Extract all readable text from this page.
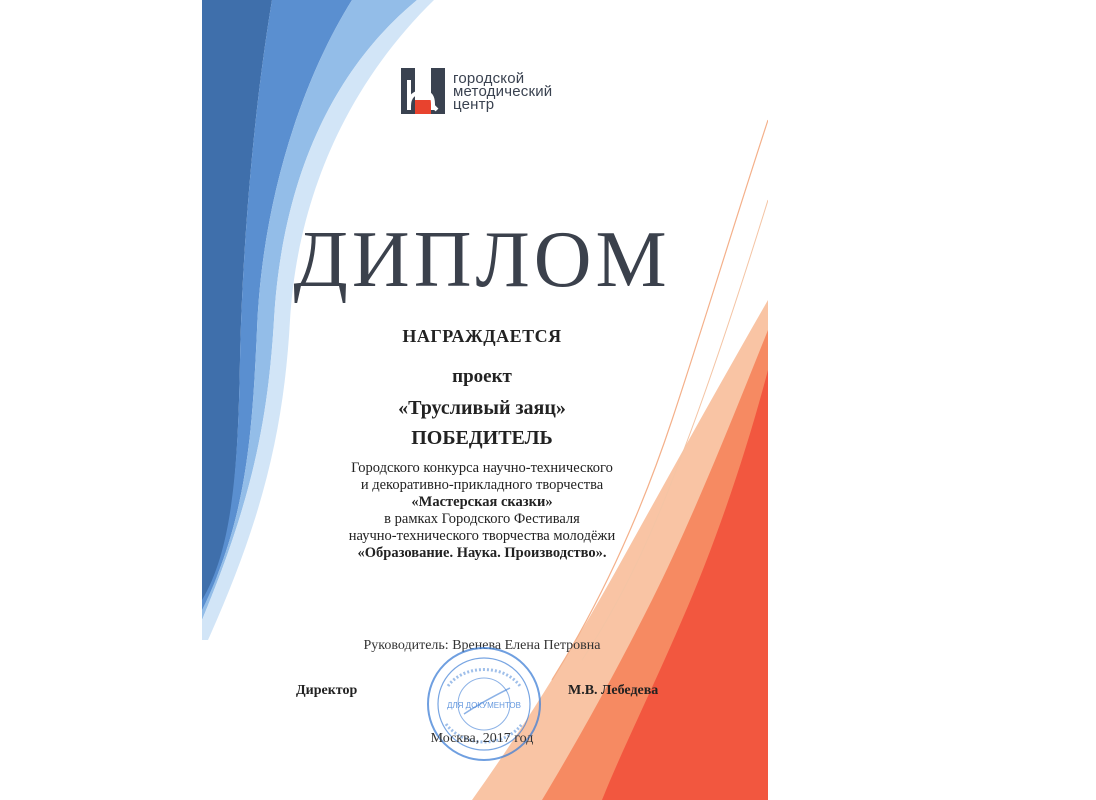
городской
методический
центр
ДИПЛОМ
НАГРАЖДАЕТСЯ
проект
«Трусливый заяц»
ПОБЕДИТЕЛЬ
Городского конкурса научно-технического
и декоративно-прикладного творчества
«Мастерская сказки»
в рамках Городского Фестиваля
научно-технического творчества молодёжи
«Образование. Наука. Производство».
Руководитель: Вренева Елена Петровна
ДЛЯ ДОКУМЕНТОВ
Директор	М.В. Лебедева
Москва, 2017 год
